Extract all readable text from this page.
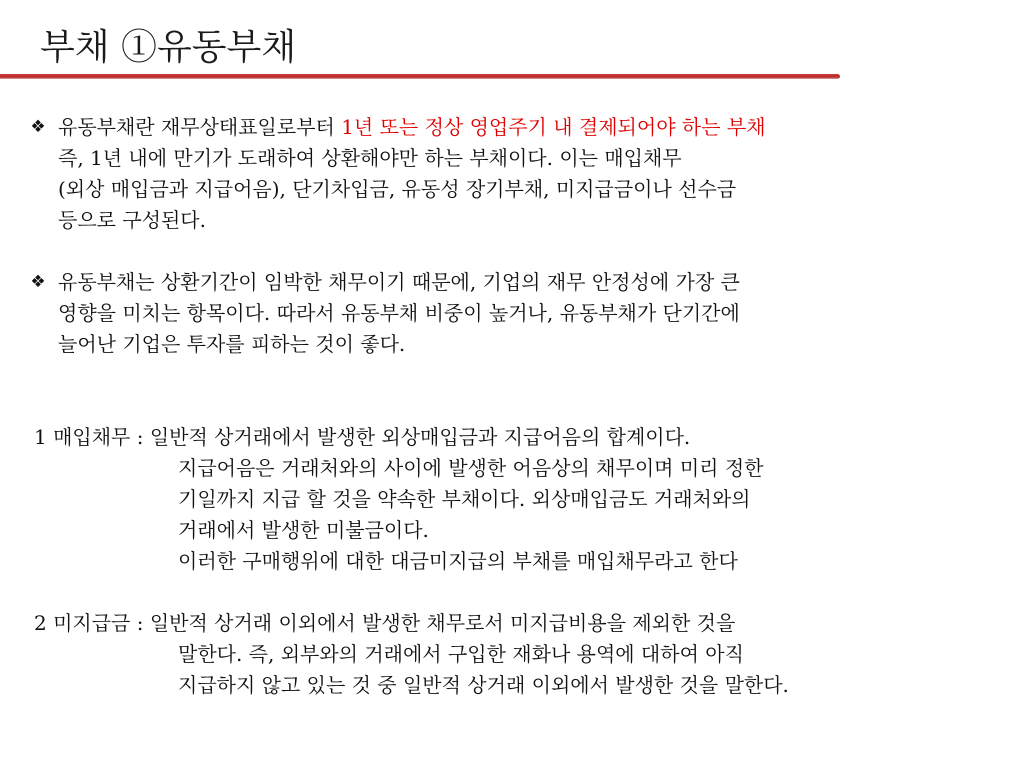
부채 ①유동부채
❖ 유동부채란 재무상태표일로부터 1년 또는 정상 영업주기 내 결제되어야 하는 부채
즉, 1년 내에 만기가 도래하여 상환해야만 하는 부채이다. 이는 매입채무
(외상 매입금과 지급어음), 단기차입금, 유동성 장기부채, 미지급금이나 선수금
등으로 구성된다.
❖ 유동부채는 상환기간이 임박한 채무이기 때문에, 기업의 재무 안정성에 가장 큰
영향을 미치는 항목이다. 따라서 유동부채 비중이 높거나, 유동부채가 단기간에
늘어난 기업은 투자를 피하는 것이 좋다.
1 매입채무 : 일반적 상거래에서 발생한 외상매입금과 지급어음의 합계이다.
지급어음은 거래처와의 사이에 발생한 어음상의 채무이며 미리 정한
기일까지 지급 할 것을 약속한 부채이다. 외상매입금도 거래처와의
거래에서 발생한 미불금이다.
이러한 구매행위에 대한 대금미지급의 부채를 매입채무라고 한다
2 미지급금 : 일반적 상거래 이외에서 발생한 채무로서 미지급비용을 제외한 것을
말한다. 즉, 외부와의 거래에서 구입한 재화나 용역에 대하여 아직
지급하지 않고 있는 것 중 일반적 상거래 이외에서 발생한 것을 말한다.
